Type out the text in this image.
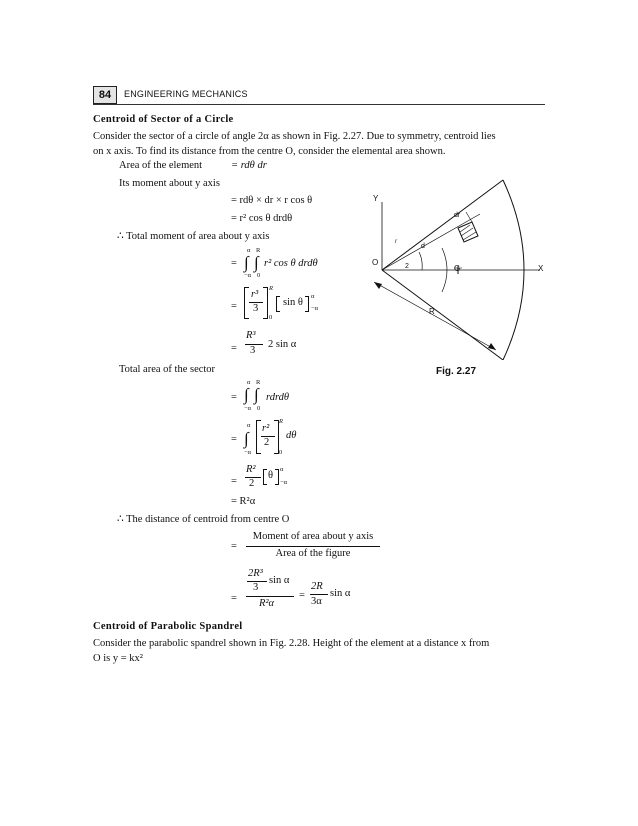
84	ENGINEERING MECHANICS
Centroid of Sector of a Circle
Consider the sector of a circle of angle 2α as shown in Fig. 2.27. Due to symmetry, centroid lies
on x axis. To find its distance from the centre O, consider the elemental area shown.
Area of the element	= rdθ dr
Its moment about y axis
= rdθ × dr × r cos θ
= r² cos θ drdθ
∴ Total moment of area about y axis
=
α R
∫ ∫
−α 0
r² cos θ drdθ
=
r³
3
R
0
sin θ
α
−α
=
R³
3
2 sin α
Total area of the sector
=
α R
∫ ∫
−α 0
rdrdθ
=
α
∫
−α
r²
2
R
0
dθ
=
R²
2
θ
α
−α
= R²α
∴ The distance of centroid from centre O
=
Moment of area about y axis
Area of the figure
=
2R³
3
sin α
R²α
=
2R
3α
sin α
Centroid of Parabolic Spandrel
Consider the parabolic spandrel shown in Fig. 2.28. Height of the element at a distance x from
O is y = kx²
Y
O
X
G
R
r
dr
d
2
Fig. 2.27
